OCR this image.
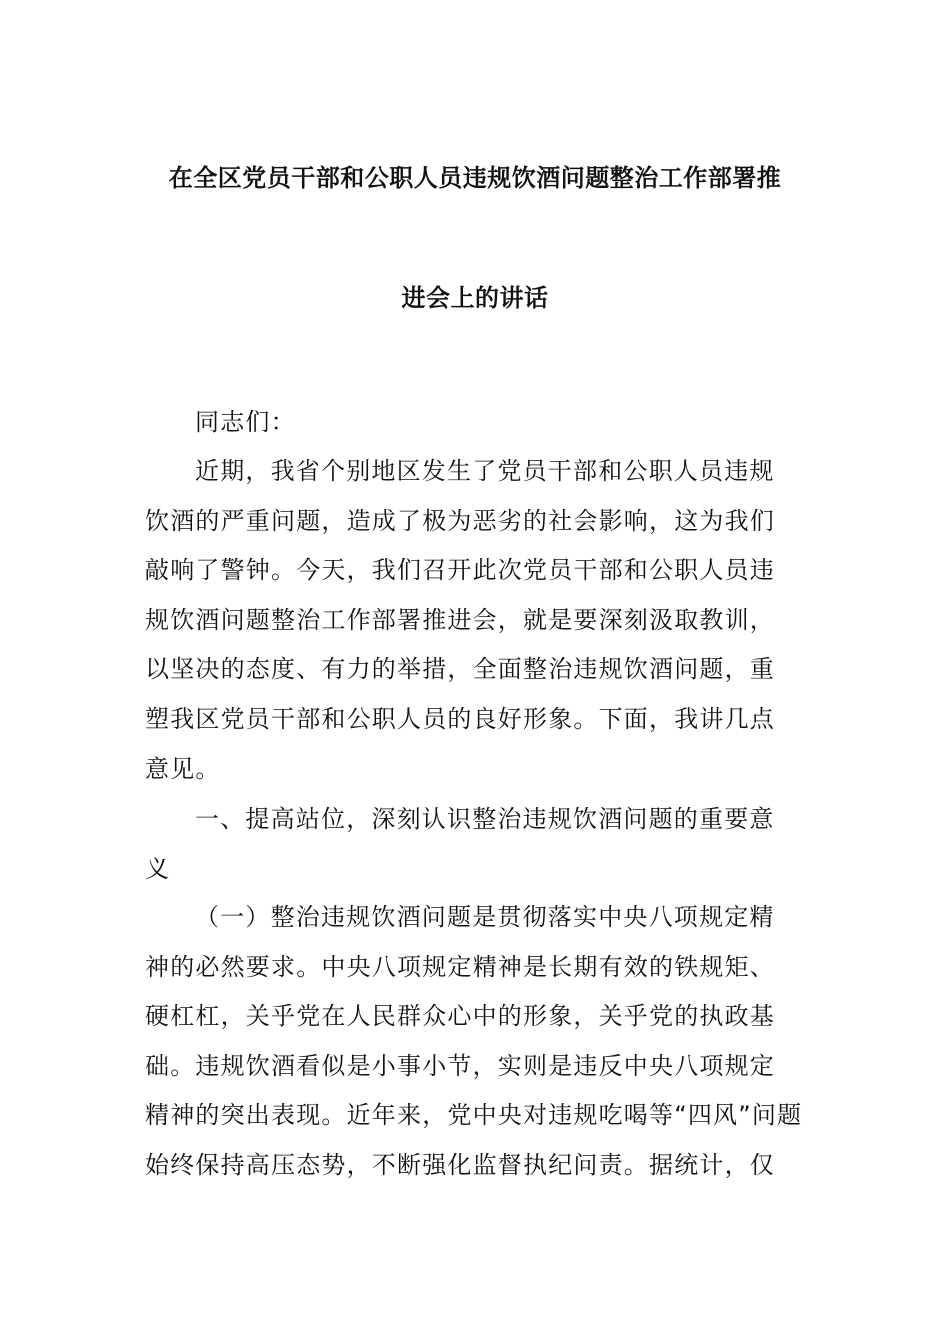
在全区党员干部和公职人员违规饮酒问题整治工作部署推
进会上的讲话
同志们：
近期，我省个别地区发生了党员干部和公职人员违规
饮酒的严重问题，造成了极为恶劣的社会影响，这为我们
敲响了警钟。今天，我们召开此次党员干部和公职人员违
规饮酒问题整治工作部署推进会，就是要深刻汲取教训，
以坚决的态度、有力的举措，全面整治违规饮酒问题，重
塑我区党员干部和公职人员的良好形象。下面，我讲几点
意见。
一、提高站位，深刻认识整治违规饮酒问题的重要意
义
（一）整治违规饮酒问题是贯彻落实中央八项规定精
神的必然要求。中央八项规定精神是长期有效的铁规矩、
硬杠杠，关乎党在人民群众心中的形象，关乎党的执政基
础。违规饮酒看似是小事小节，实则是违反中央八项规定
精神的突出表现。近年来，党中央对违规吃喝等“四风”问题
始终保持高压态势，不断强化监督执纪问责。据统计，仅
